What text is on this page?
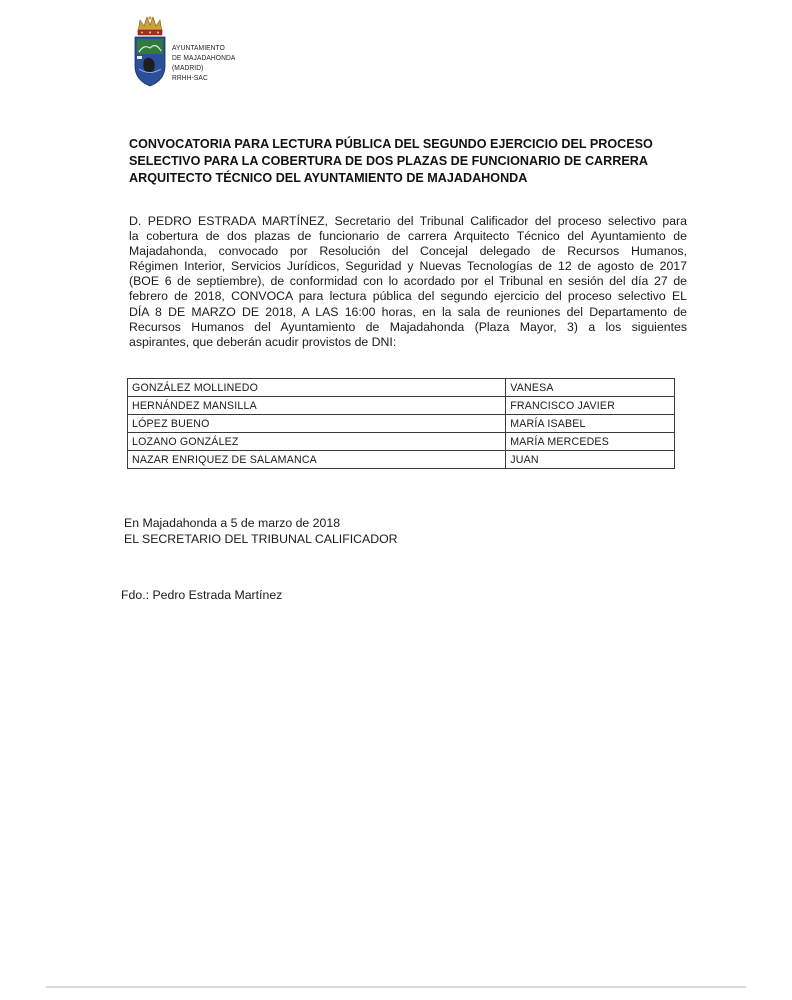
AYUNTAMIENTO
DE MAJADAHONDA
(MADRID)
RRHH-SAC
CONVOCATORIA PARA LECTURA PÚBLICA DEL SEGUNDO EJERCICIO DEL PROCESO
SELECTIVO PARA LA COBERTURA DE DOS PLAZAS DE FUNCIONARIO DE CARRERA
ARQUITECTO TÉCNICO DEL AYUNTAMIENTO DE MAJADAHONDA
D. PEDRO ESTRADA MARTÍNEZ, Secretario del Tribunal Calificador del proceso selectivo para
la cobertura de dos plazas de funcionario de carrera Arquitecto Técnico del Ayuntamiento de
Majadahonda, convocado por Resolución del Concejal delegado de Recursos Humanos,
Régimen Interior, Servicios Jurídicos, Seguridad y Nuevas Tecnologías de 12 de agosto de 2017
(BOE 6 de septiembre), de conformidad con lo acordado por el Tribunal en sesión del día 27 de
febrero de 2018, CONVOCA para lectura pública del segundo ejercicio del proceso selectivo EL
DÍA 8 DE MARZO DE 2018, A LAS 16:00 horas, en la sala de reuniones del Departamento de
Recursos Humanos del Ayuntamiento de Majadahonda (Plaza Mayor, 3) a los siguientes
aspirantes, que deberán acudir provistos de DNI:
GONZÁLEZ MOLLINEDO	VANESA
HERNÁNDEZ MANSILLA	FRANCISCO JAVIER
LÓPEZ BUENO	MARÍA ISABEL
LOZANO GONZÁLEZ	MARÍA MERCEDES
NAZAR ENRIQUEZ DE SALAMANCA	JUAN
En Majadahonda a 5 de marzo de 2018
EL SECRETARIO DEL TRIBUNAL CALIFICADOR
Fdo.: Pedro Estrada Martínez
